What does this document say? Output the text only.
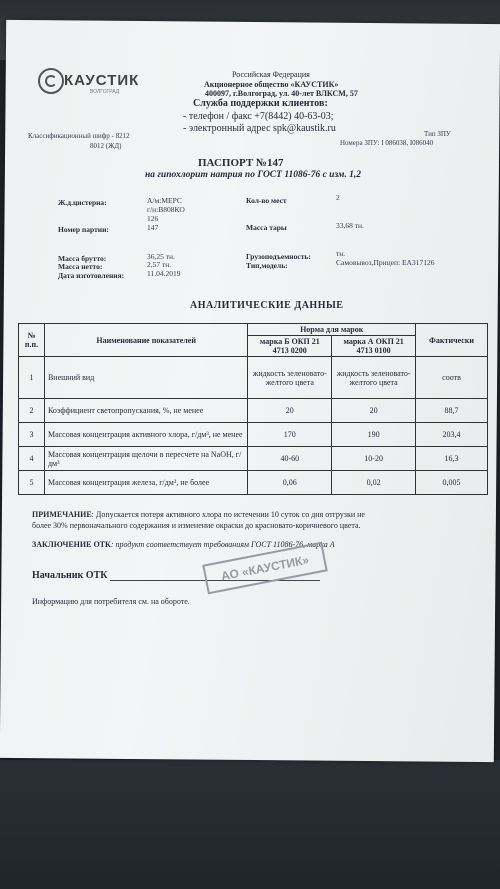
КАУСТИК
ВОЛГОГРАД
Российская Федерация
Акционерное общество «КАУСТИК»
400097, г.Волгоград, ул. 40-лет ВЛКСМ, 57
Служба поддержки клиентов:
- телефон / факс +7(8442) 40-63-03;
- электронный адрес spk@kaustik.ru
Классификационный шифр - 8212
8012 (ЖД)
Тип ЗПУ
Номера ЗПУ: I 086038, I086040
ПАСПОРТ №147
на гипохлорит натрия по ГОСТ 11086-76 с изм. 1,2
Ж.д.цистерна:	А/м:МЕРС
г/н:В808КО
126
Номер партии:	147
Масса брутто:	36,25 тн.
Масса нетто:	2,57 тн.
Дата изготовления:	11.04.2019
Кол-во мест	2
Масса тары	33,68 тн.
Грузоподъемность:	тн.
Тип,модель:	Самовывоз,Прицеп: ЕА317126
АНАЛИТИЧЕСКИЕ ДАННЫЕ
№ п.п.	Наименование показателей	Норма для марок		Фактически
		марка Б ОКП 21 4713 0200	марка А ОКП 21 4713 0100	
1	Внешний вид	жидкость зеленовато-желтого цвета	жидкость зеленовато-желтого цвета	соотв
2	Коэффициент светопропускания, %, не менее	20	20	88,7
3	Массовая концентрация активного хлора, г/дм³, не менее	170	190	203,4
4	Массовая концентрация щелочи в пересчете на NaOH, г/дм³	40-60	10-20	16,3
5	Массовая концентрация железа, г/дм³, не более	0,06	0,02	0,005
ПРИМЕЧАНИЕ: Допускается потеря активного хлора по истечении 10 суток со дня отгрузки не
более 30% первоначального содержания и изменение окраски до красновато-коричневого цвета.
ЗАКЛЮЧЕНИЕ ОТК: продукт соответствует требованиям ГОСТ 11086-76, марка А
Начальник ОТК	АО «КАУСТИК»
Информацию для потребителя см. на обороте.
